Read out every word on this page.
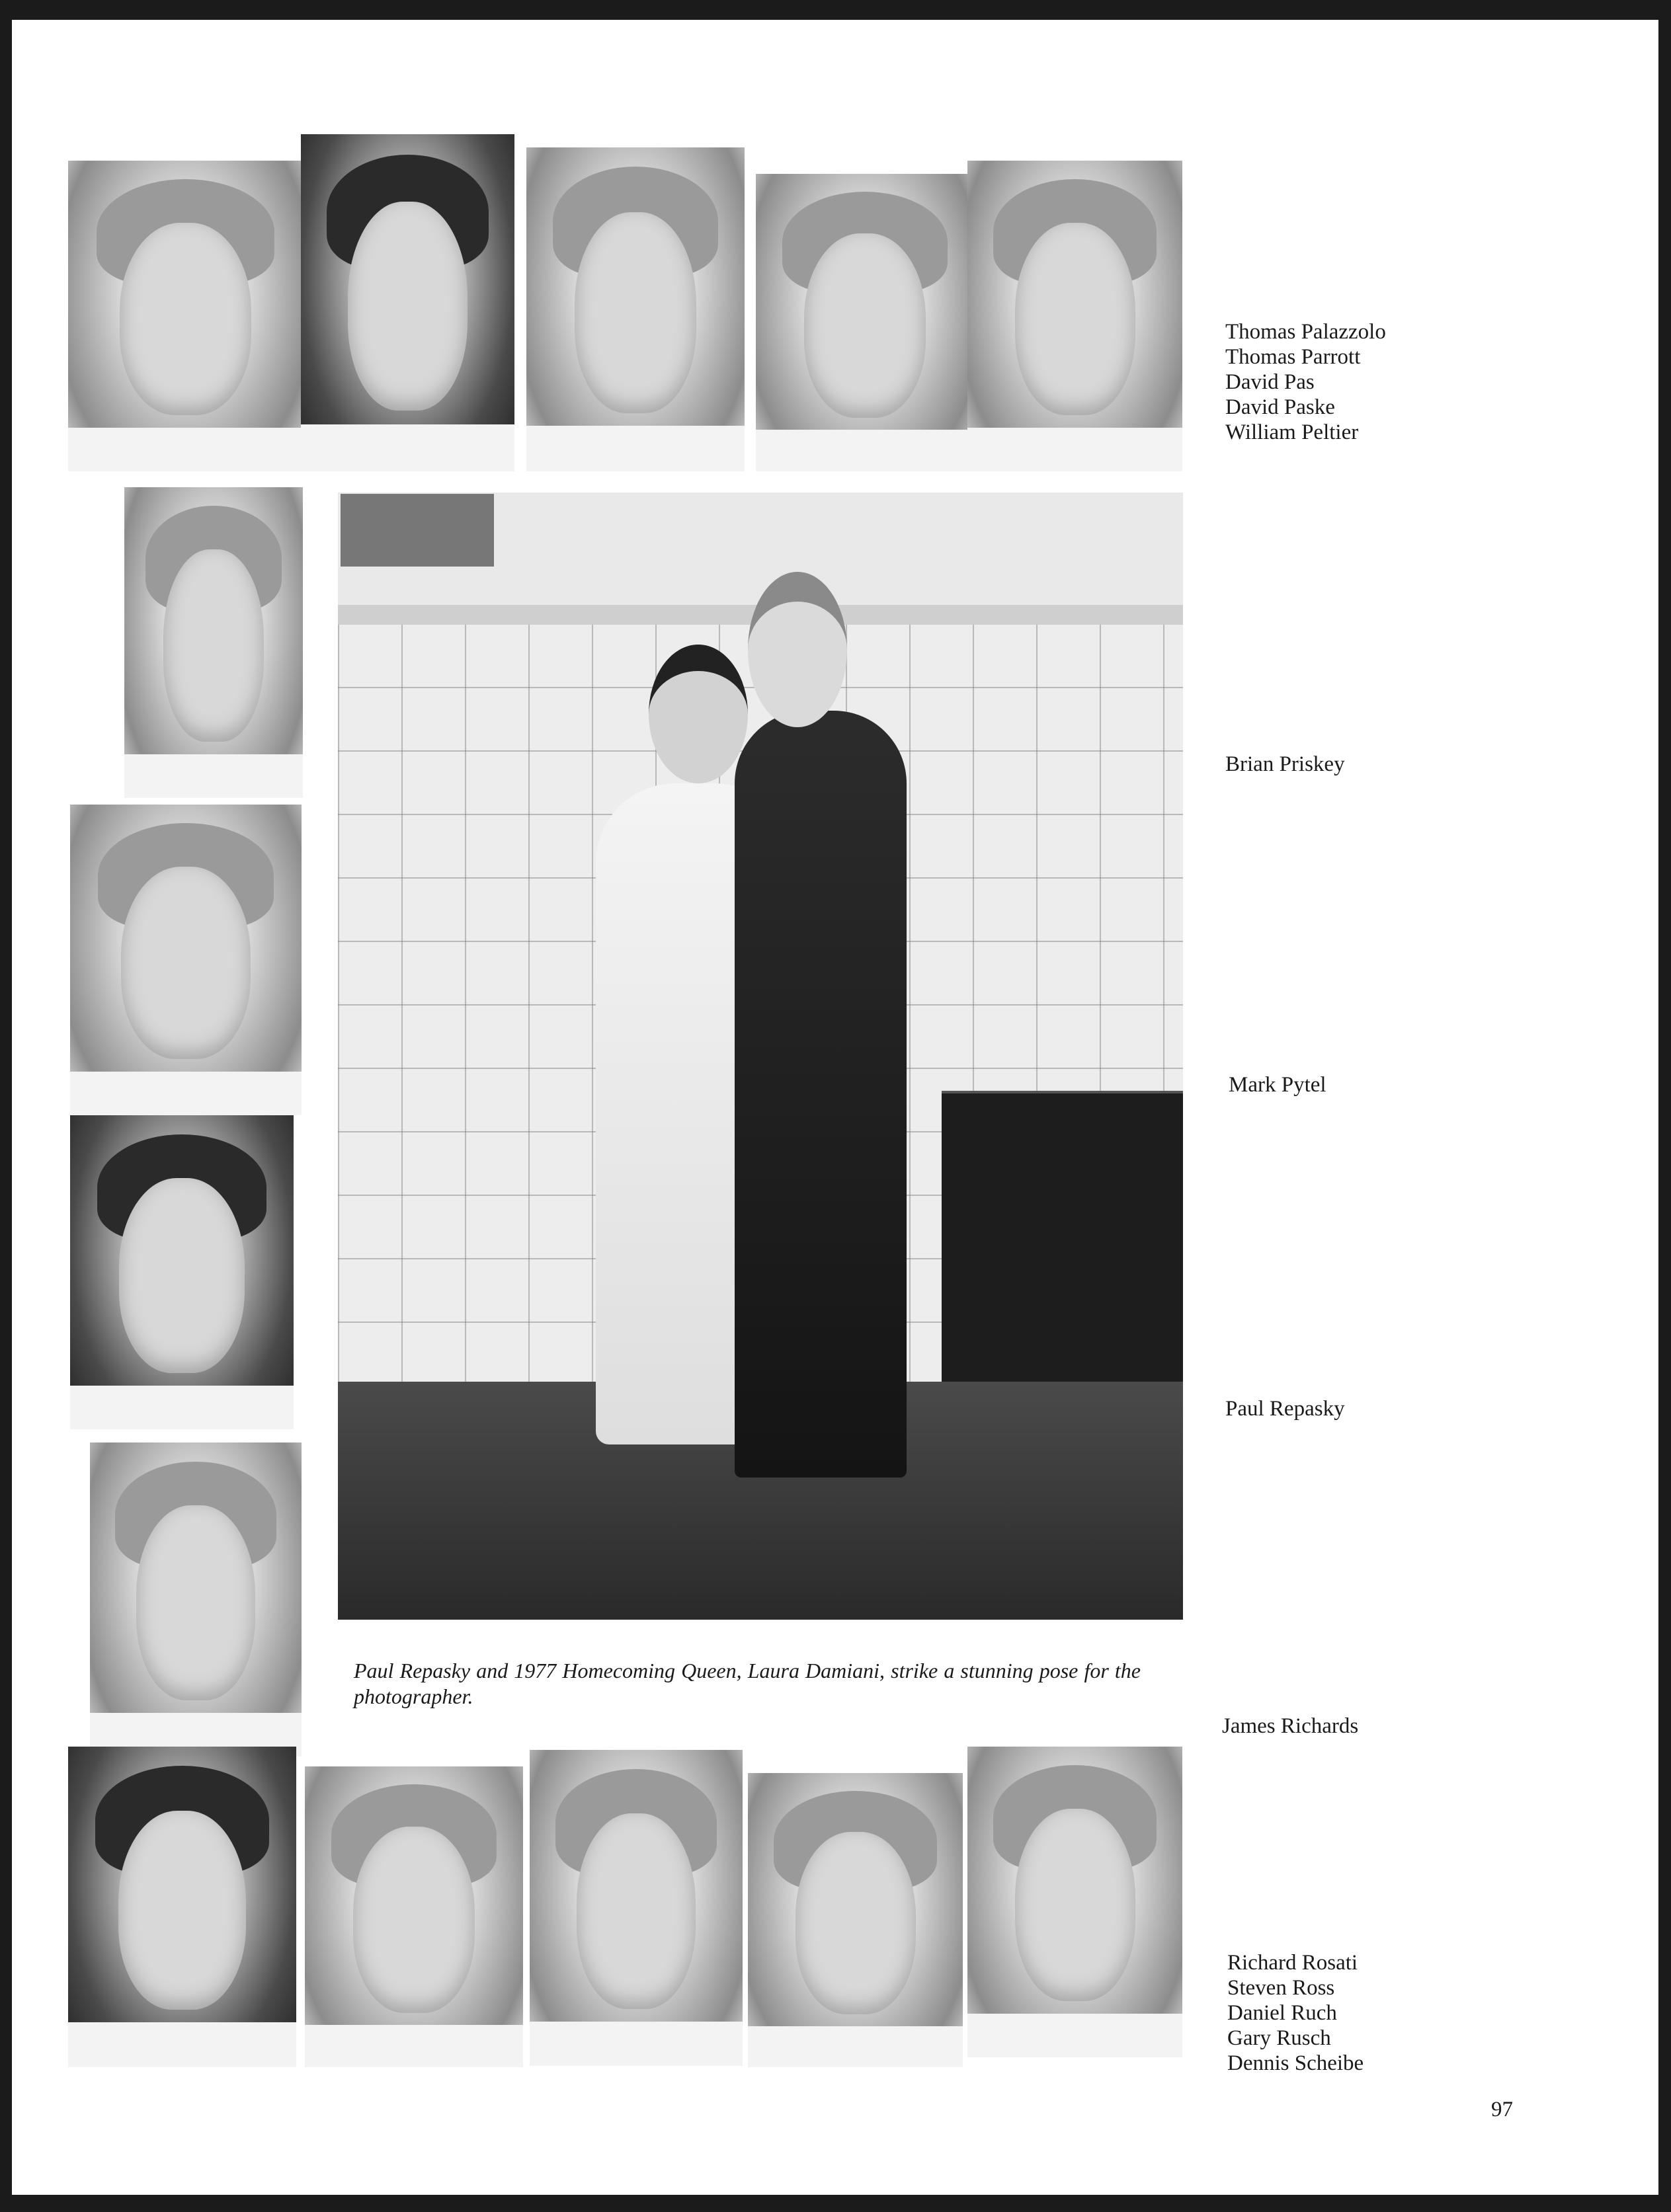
Thomas Palazzolo
Thomas Parrott
David Pas
David Paske
William Peltier

Paul Repasky and 1977 Homecoming Queen, Laura Damiani, strike a stunning pose for the photographer.

Brian Priskey
Mark Pytel
Paul Repasky
James Richards
Richard Rosati
Steven Ross
Daniel Ruch
Gary Rusch
Dennis Scheibe
97
